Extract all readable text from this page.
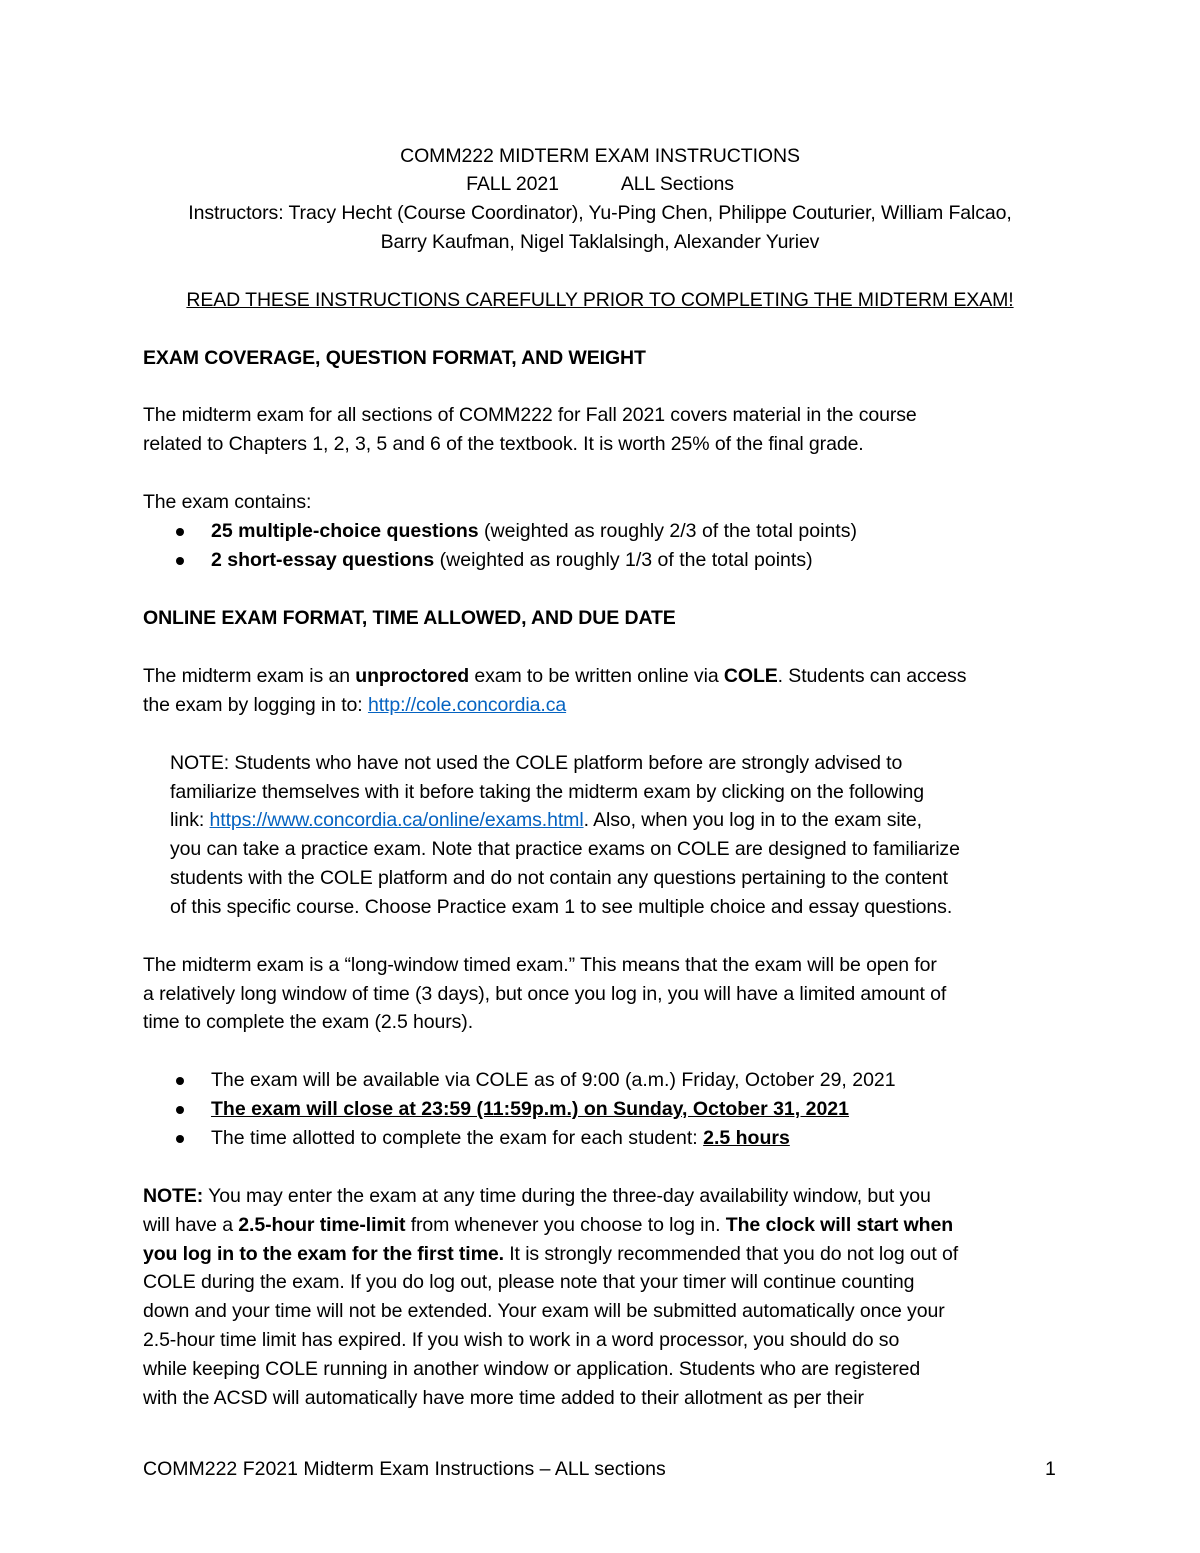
COMM222 MIDTERM EXAM INSTRUCTIONS
FALL 2021	ALL Sections
Instructors: Tracy Hecht (Course Coordinator), Yu-Ping Chen, Philippe Couturier, William Falcao,
Barry Kaufman, Nigel Taklalsingh, Alexander Yuriev
READ THESE INSTRUCTIONS CAREFULLY PRIOR TO COMPLETING THE MIDTERM EXAM!
EXAM COVERAGE, QUESTION FORMAT, AND WEIGHT
The midterm exam for all sections of COMM222 for Fall 2021 covers material in the course
related to Chapters 1, 2, 3, 5 and 6 of the textbook. It is worth 25% of the final grade.
The exam contains:
25 multiple-choice questions (weighted as roughly 2/3 of the total points)
2 short-essay questions (weighted as roughly 1/3 of the total points)
ONLINE EXAM FORMAT, TIME ALLOWED, AND DUE DATE
The midterm exam is an unproctored exam to be written online via COLE. Students can access
the exam by logging in to: http://cole.concordia.ca
NOTE: Students who have not used the COLE platform before are strongly advised to
familiarize themselves with it before taking the midterm exam by clicking on the following
link: https://www.concordia.ca/online/exams.html. Also, when you log in to the exam site,
you can take a practice exam. Note that practice exams on COLE are designed to familiarize
students with the COLE platform and do not contain any questions pertaining to the content
of this specific course. Choose Practice exam 1 to see multiple choice and essay questions.
The midterm exam is a “long-window timed exam.” This means that the exam will be open for
a relatively long window of time (3 days), but once you log in, you will have a limited amount of
time to complete the exam (2.5 hours).
The exam will be available via COLE as of 9:00 (a.m.) Friday, October 29, 2021
The exam will close at 23:59 (11:59p.m.) on Sunday, October 31, 2021
The time allotted to complete the exam for each student: 2.5 hours
NOTE: You may enter the exam at any time during the three-day availability window, but you
will have a 2.5-hour time-limit from whenever you choose to log in. The clock will start when
you log in to the exam for the first time. It is strongly recommended that you do not log out of
COLE during the exam. If you do log out, please note that your timer will continue counting
down and your time will not be extended. Your exam will be submitted automatically once your
2.5-hour time limit has expired. If you wish to work in a word processor, you should do so
while keeping COLE running in another window or application. Students who are registered
with the ACSD will automatically have more time added to their allotment as per their
COMM222 F2021 Midterm Exam Instructions – ALL sections	1
